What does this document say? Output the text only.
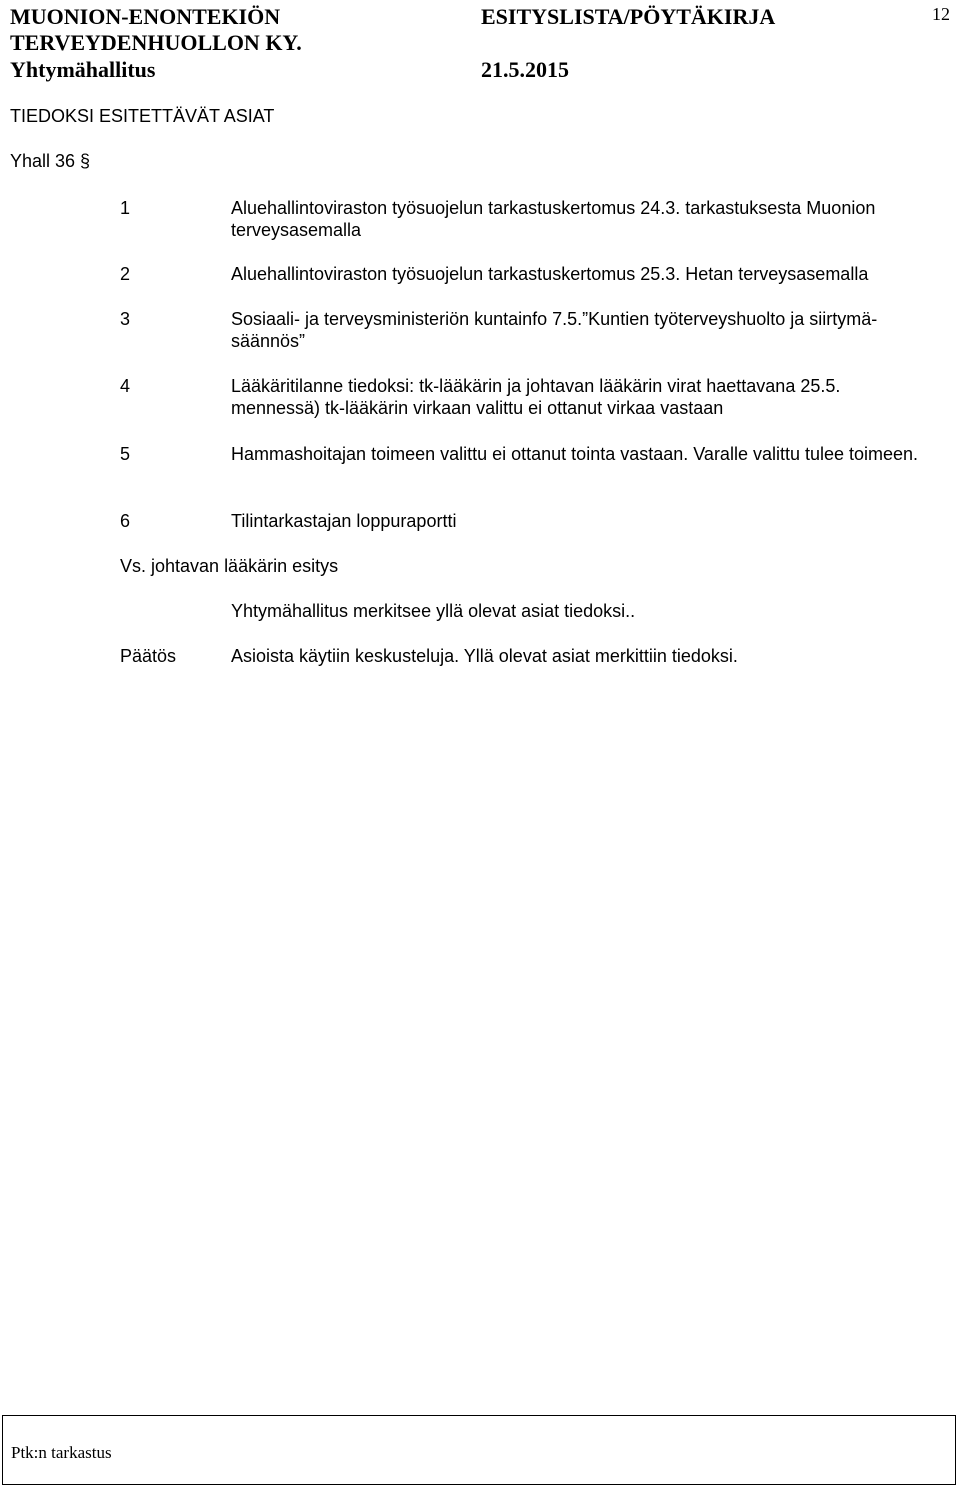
MUONION-ENONTEKIÖN
TERVEYDENHUOLLON KY.
Yhtymähallitus
ESITYSLISTA/PÖYTÄKIRJA
21.5.2015
12
TIEDOKSI ESITETTÄVÄT ASIAT
Yhall 36 §
1	Aluehallintoviraston työsuojelun tarkastuskertomus 24.3. tarkastuksesta Muonion terveysasemalla
2	Aluehallintoviraston työsuojelun tarkastuskertomus 25.3. Hetan terveysasemalla
3	Sosiaali- ja terveysministeriön kuntainfo 7.5.”Kuntien työterveyshuolto ja siirtymä-säännös”
4	Lääkäritilanne tiedoksi: tk-lääkärin ja johtavan lääkärin virat haettavana 25.5. mennessä) tk-lääkärin virkaan valittu ei ottanut virkaa vastaan
5	Hammashoitajan toimeen valittu ei ottanut tointa vastaan. Varalle valittu tulee toimeen.
6	Tilintarkastajan loppuraportti
Vs. johtavan lääkärin esitys
Yhtymähallitus merkitsee yllä olevat asiat tiedoksi..
Päätös	Asioista käytiin keskusteluja. Yllä olevat asiat merkittiin tiedoksi.
Ptk:n tarkastus
